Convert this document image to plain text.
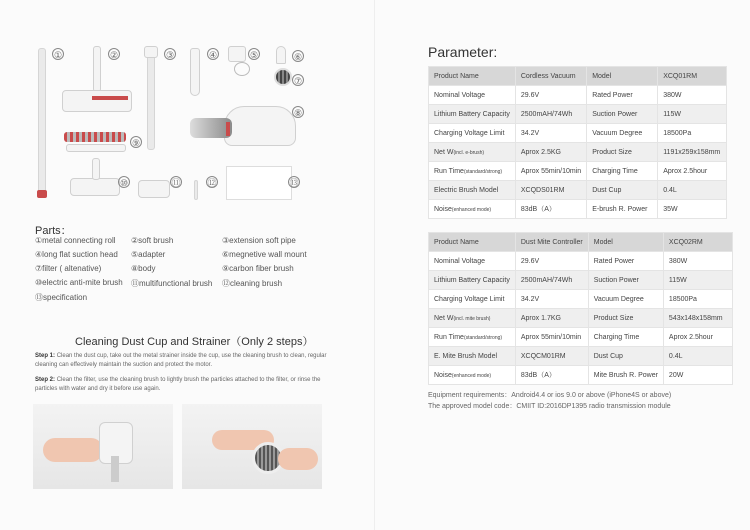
①	②	③	④	⑤	⑥
⑦
⑧
⑨
⑩	⑪	⑫	⑬
Parts：
①metal connecting roll ②soft brush	③extension soft pipe
④long flat suction head ⑤adapter	⑥megnetive wall mount
⑦filter ( altenative)	⑧body	⑨carbon fiber brush
⑩electric anti-mite brush ⑪multifunctional brush ⑫cleaning brush
⑬specification
Cleaning Dust Cup and Strainer（Only 2 steps）
Step 1: Clean the dust cup, take out the metal strainer inside the cup, use the cleaning brush to clean, regular cleaning can effectively maintain the suction and protect the motor.
Step 2: Clean the filter, use the cleaning brush to lightly brush the particles attached to the filter, or rinse the particles with water and dry it before use again.
Parameter:
Product Name	Cordless Vacuum	Model	XCQ01RM
Nominal Voltage	29.6V	Rated Power	380W
Lithium Battery Capacity	2500mAH/74Wh	Suction Power	115W
Charging Voltage Limit	34.2V	Vacuum Degree	18500Pa
Net W(incl. e-brush)	Aprox 2.5KG	Product Size	1191x259x158mm
Run Time(standard/strong)	Aprox 55min/10min	Charging Time	Aprox 2.5hour
Electric Brush Model	XCQDS01RM	Dust Cup	0.4L
Noise(enhanced mode)	83dB（A）	E-brush R. Power	35W
Product Name	Dust Mite Controller	Model	XCQ02RM
Nominal Voltage	29.6V	Rated Power	380W
Lithium Battery Capacity	2500mAH/74Wh	Suction Power	115W
Charging Voltage Limit	34.2V	Vacuum Degree	18500Pa
Net W(incl. mite brush)	Aprox 1.7KG	Product Size	543x148x158mm
Run Time(standard/strong)	Aprox 55min/10min	Charging Time	Aprox 2.5hour
E. Mite Brush Model	XCQCM01RM	Dust Cup	0.4L
Noise(enhanced mode)	83dB（A）	Mite Brush R. Power	20W
Equipment requirements：Android4.4 or ios 9.0 or above (iPhone4S or above)
The approved model code：CMIIT ID:2016DP1395 radio transmission module
